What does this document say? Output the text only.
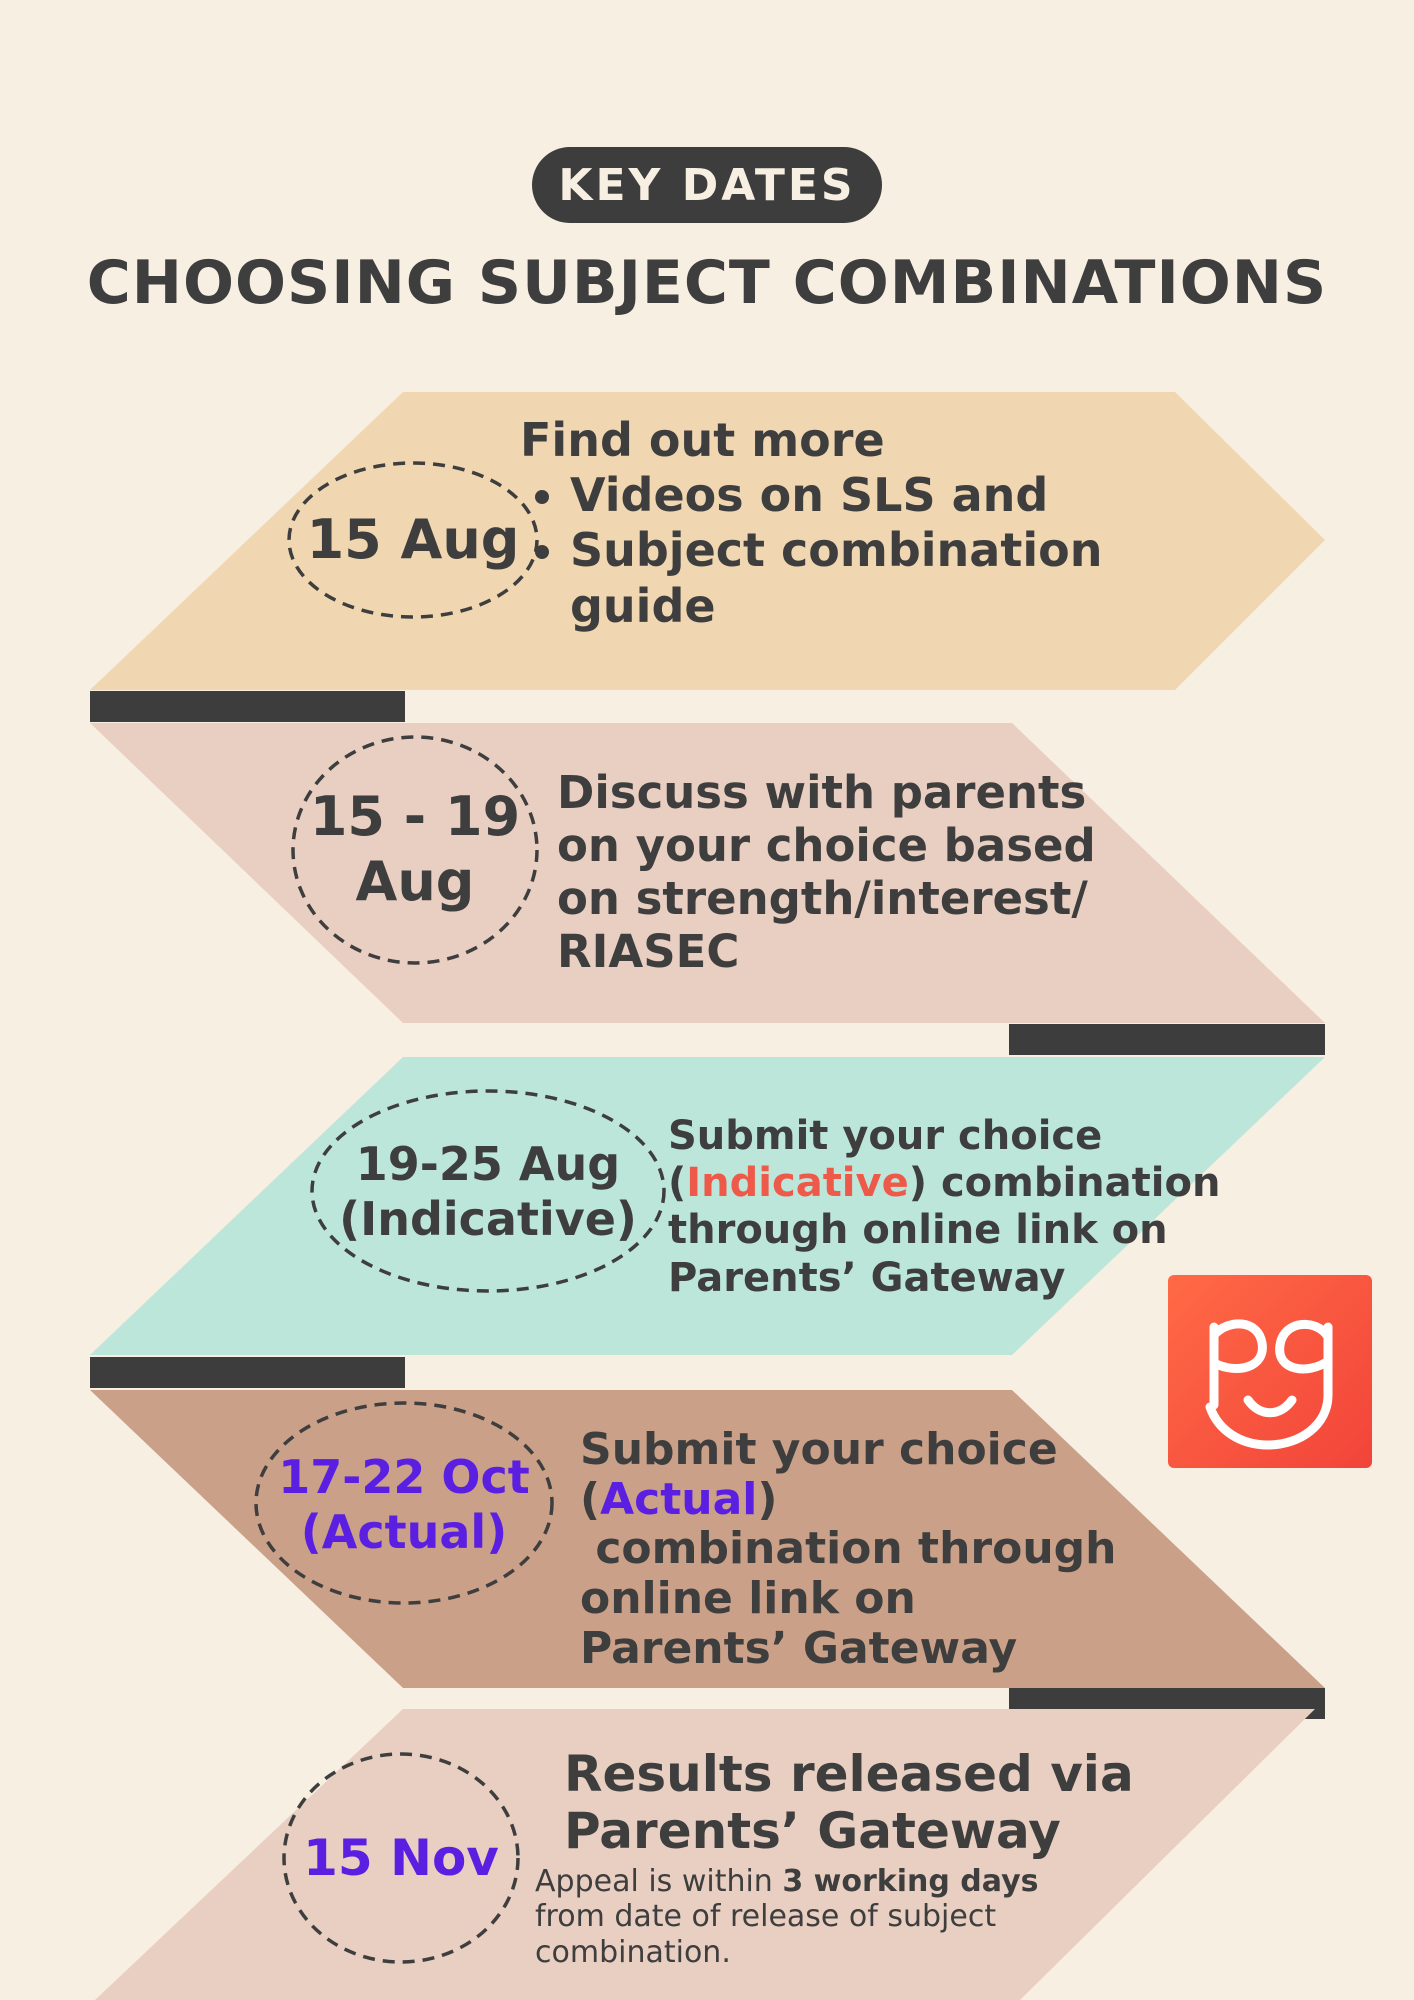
KEY DATES
CHOOSING SUBJECT COMBINATIONS
15 Aug

Find out more

• Videos on SLS and
• Subject combination guide
15 - 19
Aug

Discuss with parents

on your choice based

on strength/interest/

RIASEC

19-25 Aug
(Indicative)

Submit your choice

(Indicative) combination

through online link on

Parents’ Gateway

17-22 Oct
(Actual)

Submit your choice

(Actual)

combination through

online link on

Parents’ Gateway

15 Nov

Results released via

Parents’ Gateway

Appeal is within 3 working days from date of release of subject combination.
